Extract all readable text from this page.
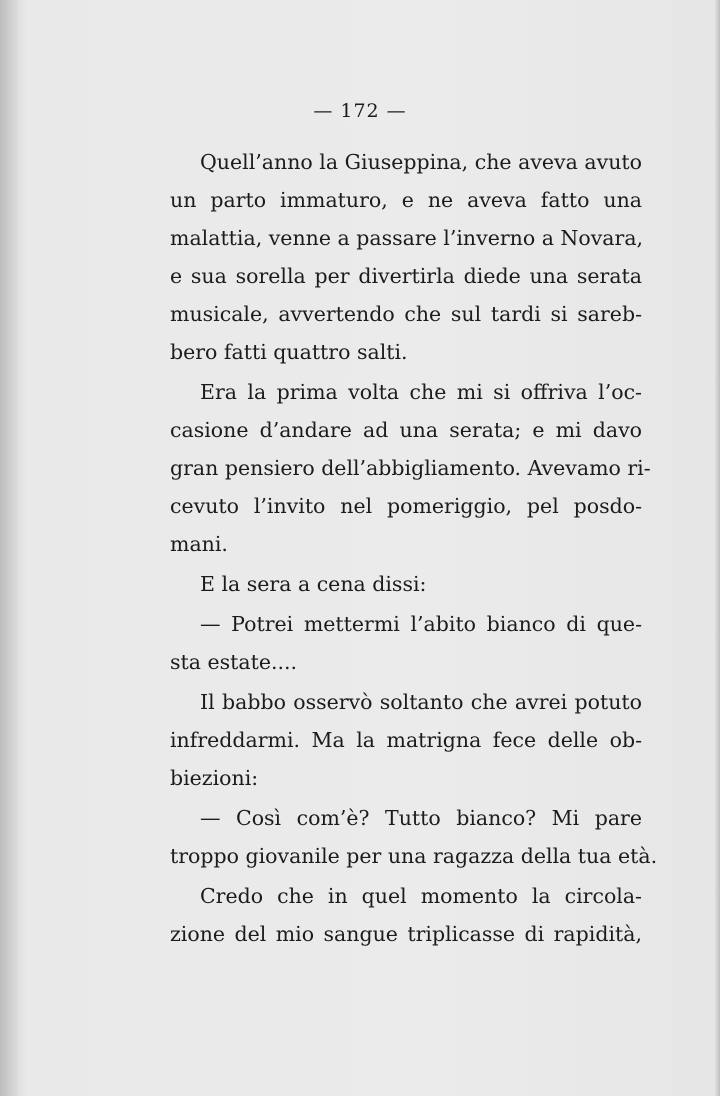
— 172 —

Quell’anno la Giuseppina, che aveva avuto
un parto immaturo, e ne aveva fatto una
malattia, venne a passare l’inverno a Novara,
e sua sorella per divertirla diede una serata
musicale, avvertendo che sul tardi si sareb-
bero fatti quattro salti.

Era la prima volta che mi si offriva l’oc-
casione d’andare ad una serata; e mi davo
gran pensiero dell’abbigliamento. Avevamo ri-
cevuto l’invito nel pomeriggio, pel posdo-
mani.

E la sera a cena dissi:

— Potrei mettermi l’abito bianco di que-
sta estate....

Il babbo osservò soltanto che avrei potuto
infreddarmi. Ma la matrigna fece delle ob-
biezioni:

— Così com’è? Tutto bianco? Mi pare
troppo giovanile per una ragazza della tua età.

Credo che in quel momento la circola-
zione del mio sangue triplicasse di rapidità,
